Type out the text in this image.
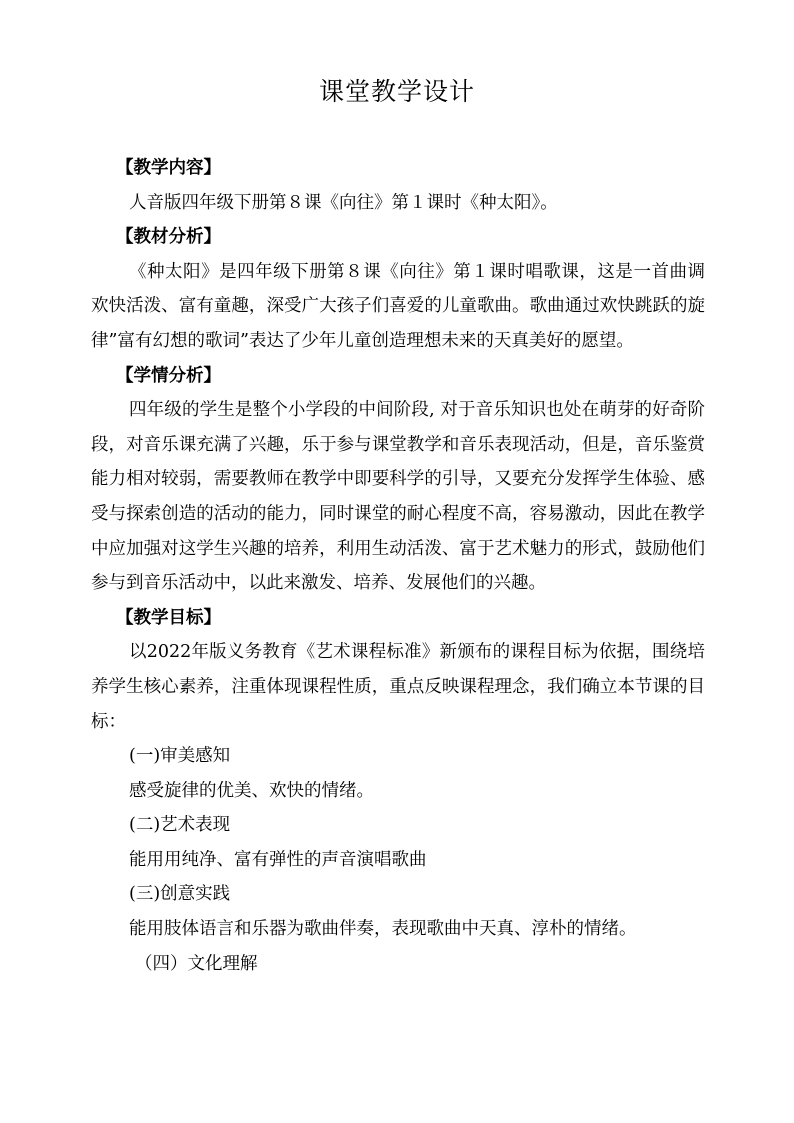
课堂教学设计

【教学内容】

人音版四年级下册第８课《向往》第１课时《种太阳》。

【教材分析】

《种太阳》是四年级下册第８课《向往》第１课时唱歌课，这是一首曲调欢快活泼、富有童趣，深受广大孩子们喜爱的儿童歌曲。歌曲通过欢快跳跃的旋律”富有幻想的歌词”表达了少年儿童创造理想未来的天真美好的愿望。

【学情分析】

四年级的学生是整个小学段的中间阶段, 对于音乐知识也处在萌芽的好奇阶段，对音乐课充满了兴趣，乐于参与课堂教学和音乐表现活动，但是，音乐鉴赏能力相对较弱，需要教师在教学中即要科学的引导，又要充分发挥学生体验、感受与探索创造的活动的能力，同时课堂的耐心程度不高，容易激动，因此在教学中应加强对这学生兴趣的培养，利用生动活泼、富于艺术魅力的形式，鼓励他们参与到音乐活动中，以此来激发、培养、发展他们的兴趣。

【教学目标】

以2022年版义务教育《艺术课程标准》新颁布的课程目标为依据，围绕培养学生核心素养，注重体现课程性质，重点反映课程理念，我们确立本节课的目标：

(一)审美感知

感受旋律的优美、欢快的情绪。

(二)艺术表现

能用用纯净、富有弹性的声音演唱歌曲

(三)创意实践

能用肢体语言和乐器为歌曲伴奏，表现歌曲中天真、淳朴的情绪。

（四）文化理解
